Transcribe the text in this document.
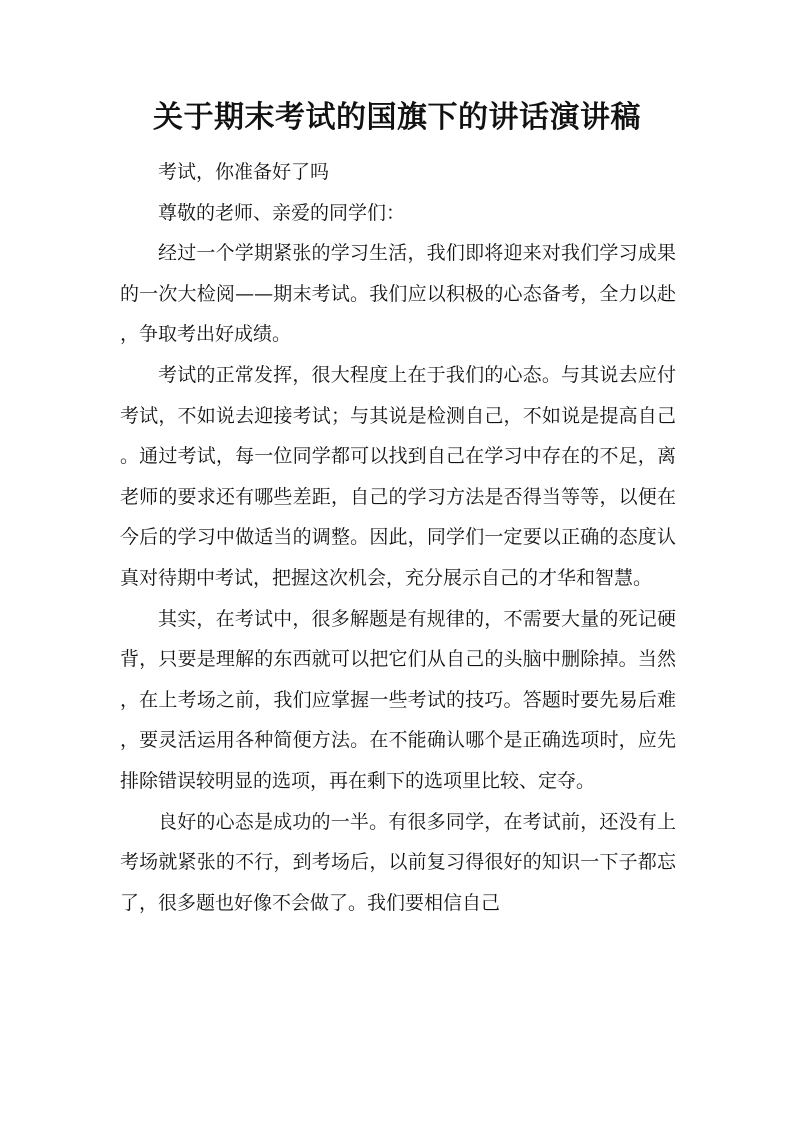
关于期末考试的国旗下的讲话演讲稿

考试，你准备好了吗

尊敬的老师、亲爱的同学们：

经过一个学期紧张的学习生活，我们即将迎来对我们学习成果的一次大检阅——期末考试。我们应以积极的心态备考，全力以赴，争取考出好成绩。

考试的正常发挥，很大程度上在于我们的心态。与其说去应付考试，不如说去迎接考试；与其说是检测自己，不如说是提高自己。通过考试，每一位同学都可以找到自己在学习中存在的不足，离老师的要求还有哪些差距，自己的学习方法是否得当等等，以便在今后的学习中做适当的调整。因此，同学们一定要以正确的态度认真对待期中考试，把握这次机会，充分展示自己的才华和智慧。

其实，在考试中，很多解题是有规律的，不需要大量的死记硬背，只要是理解的东西就可以把它们从自己的头脑中删除掉。当然，在上考场之前，我们应掌握一些考试的技巧。答题时要先易后难，要灵活运用各种简便方法。在不能确认哪个是正确选项时，应先排除错误较明显的选项，再在剩下的选项里比较、定夺。

良好的心态是成功的一半。有很多同学，在考试前，还没有上考场就紧张的不行，到考场后，以前复习得很好的知识一下子都忘了，很多题也好像不会做了。我们要相信自己
